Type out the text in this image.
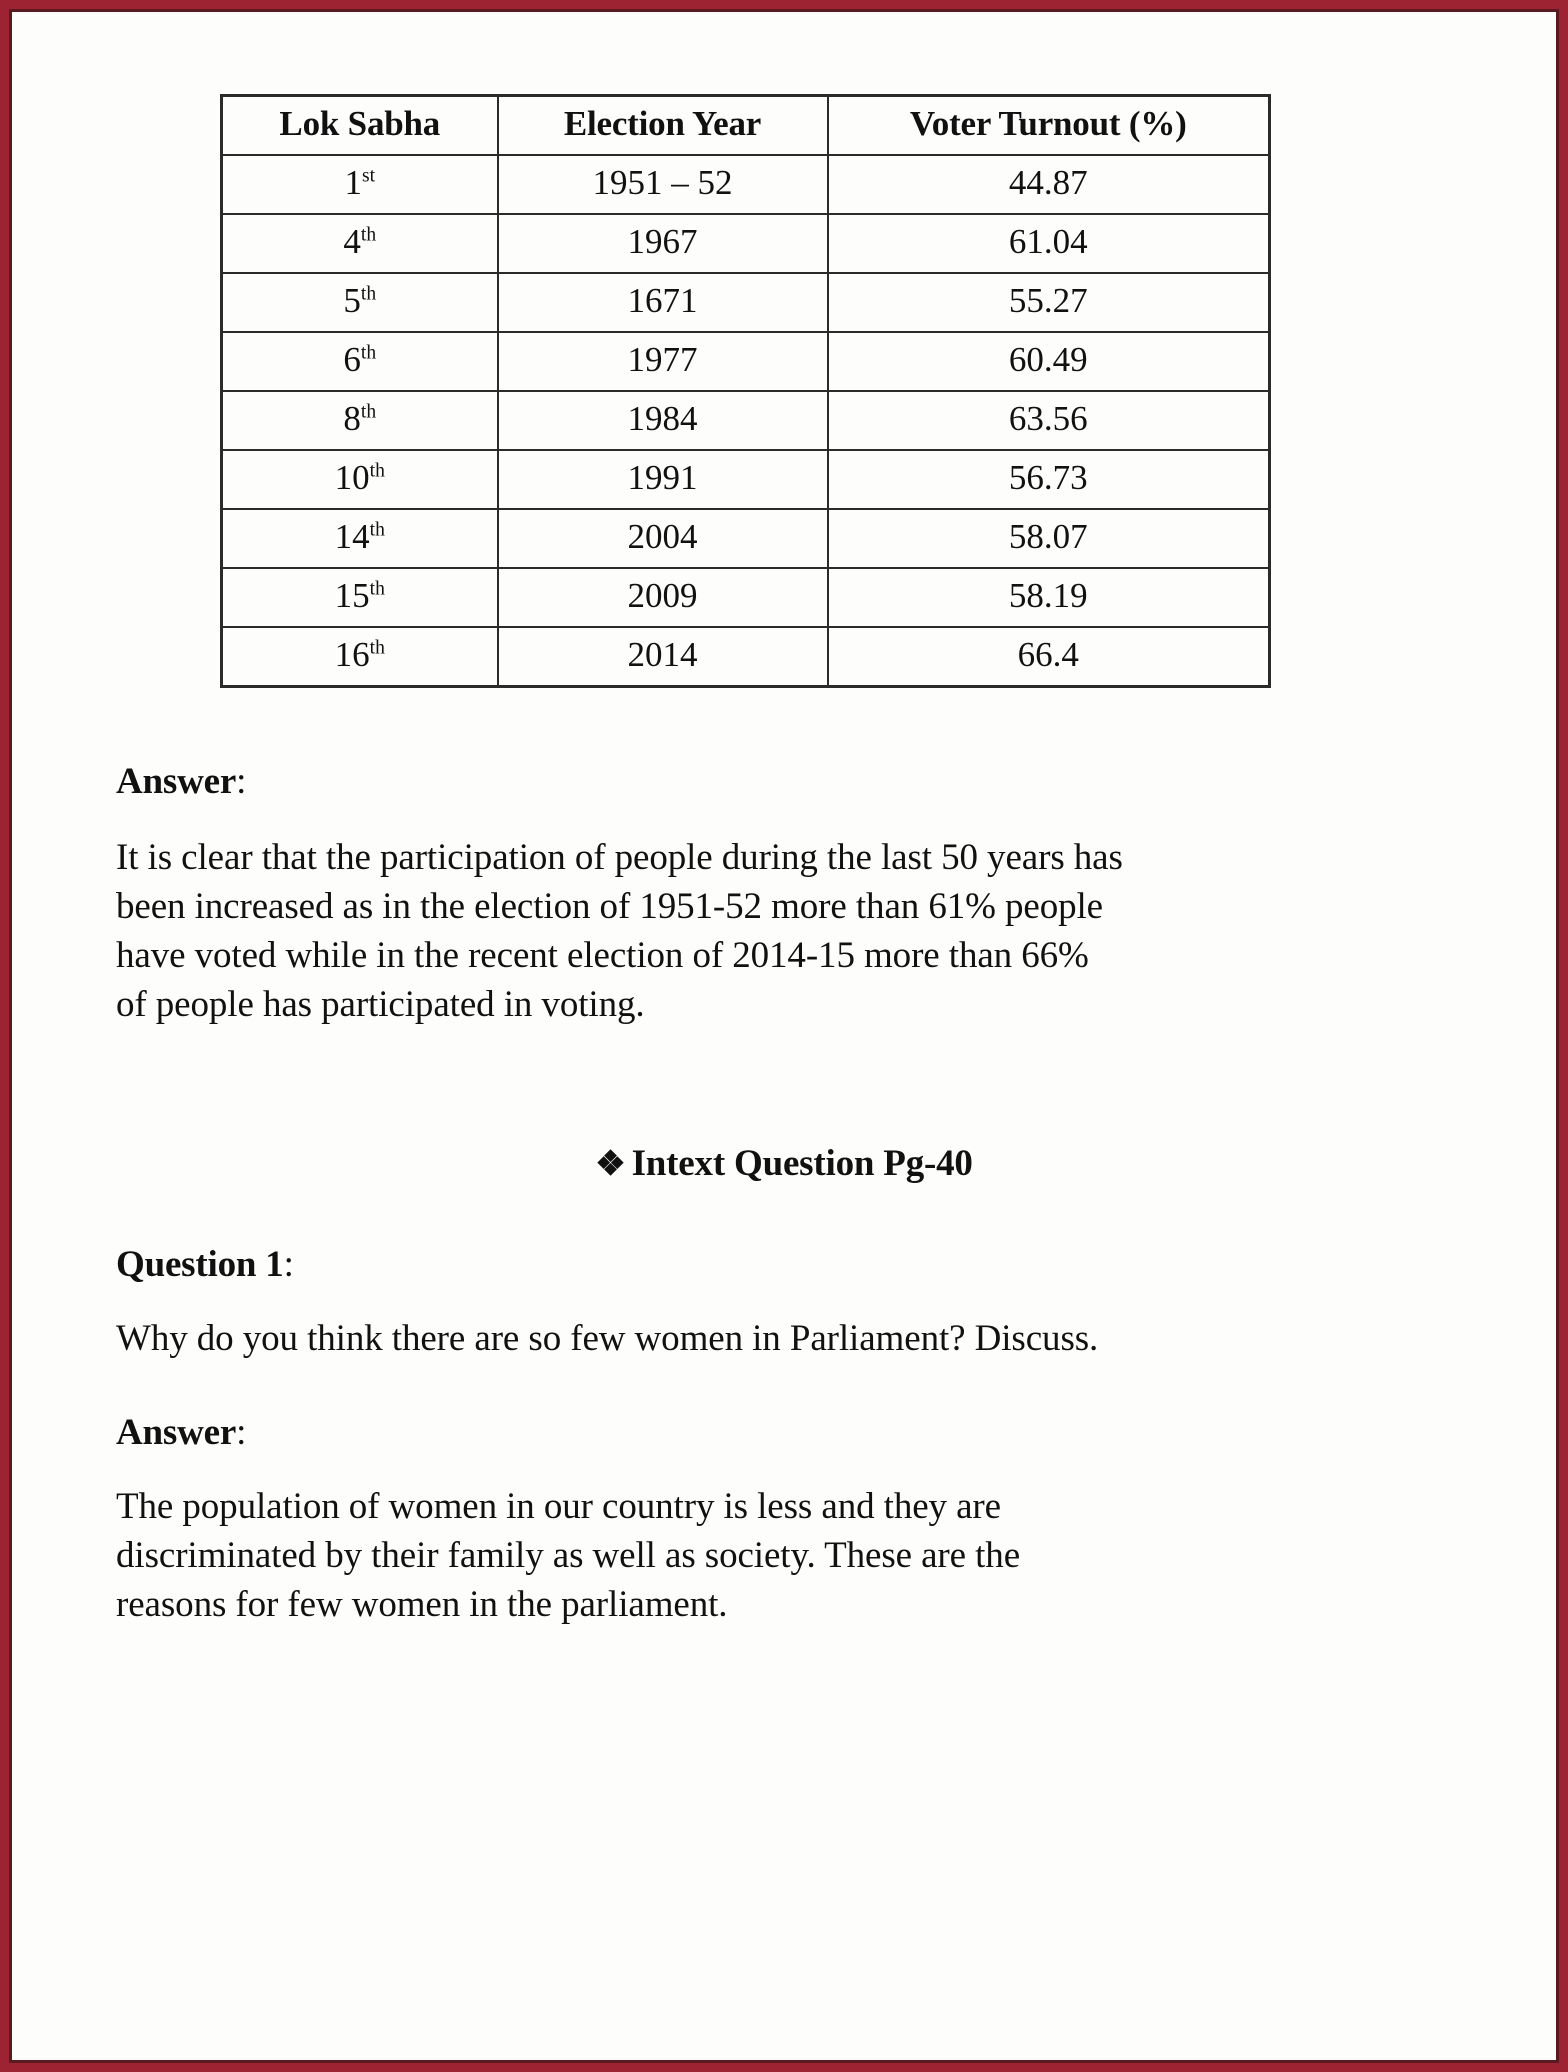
Lok Sabha	Election Year	Voter Turnout (%)
1st	1951 – 52	44.87
4th	1967	61.04
5th	1671	55.27
6th	1977	60.49
8th	1984	63.56
10th	1991	56.73
14th	2004	58.07
15th	2009	58.19
16th	2014	66.4
Answer:

It is clear that the participation of people during the last 50 years has been increased as in the election of 1951-52 more than 61% people have voted while in the recent election of 2014-15 more than 66% of people has participated in voting.

❖ Intext Question Pg-40
Question 1:

Why do you think there are so few women in Parliament? Discuss.

Answer:

The population of women in our country is less and they are discriminated by their family as well as society. These are the reasons for few women in the parliament.
